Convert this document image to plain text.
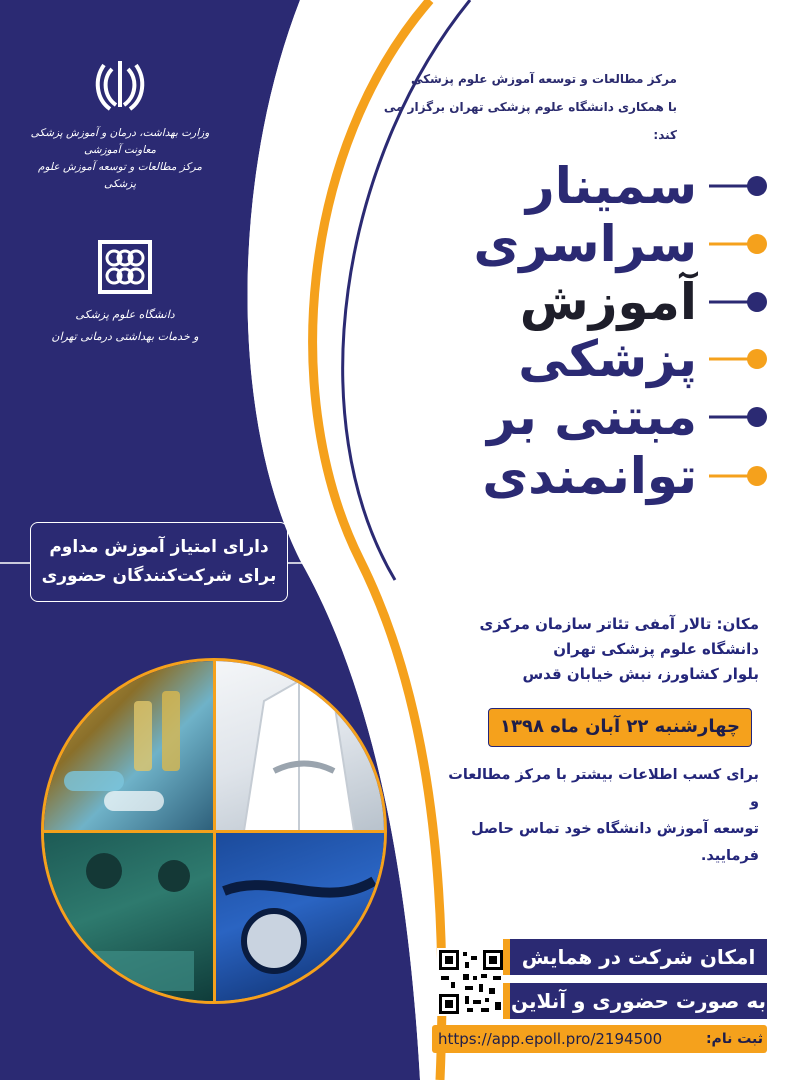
وزارت بهداشت، درمان و آموزش پزشکی
معاونت آموزشی
مرکز مطالعات و توسعه آموزش علوم پزشکی
دانشگاه علوم پزشکی
و خدمات بهداشتی درمانی تهران
مرکز مطالعات و توسعه آموزش علوم پزشکی
با همکاری دانشگاه علوم پزشکی تهران برگزار می کند:
سمینار
سراسری
آموزش
پزشکی
مبتنی بر
توانمندی
دارای امتیاز آموزش مداوم
برای شرکت‌کنندگان حضوری
مکان: تالار آمفی تئاتر سازمان مرکزی
دانشگاه علوم پزشکی تهران
بلوار کشاورز، نبش خیابان قدس
چهارشنبه ۲۲ آبان ماه ۱۳۹۸
برای کسب اطلاعات بیشتر با مرکز مطالعات و
توسعه آموزش دانشگاه خود تماس حاصل
فرمایید.
امکان شرکت در همایش
به صورت حضوری و آنلاین
https://app.epoll.pro/2194500	ثبت نام:
